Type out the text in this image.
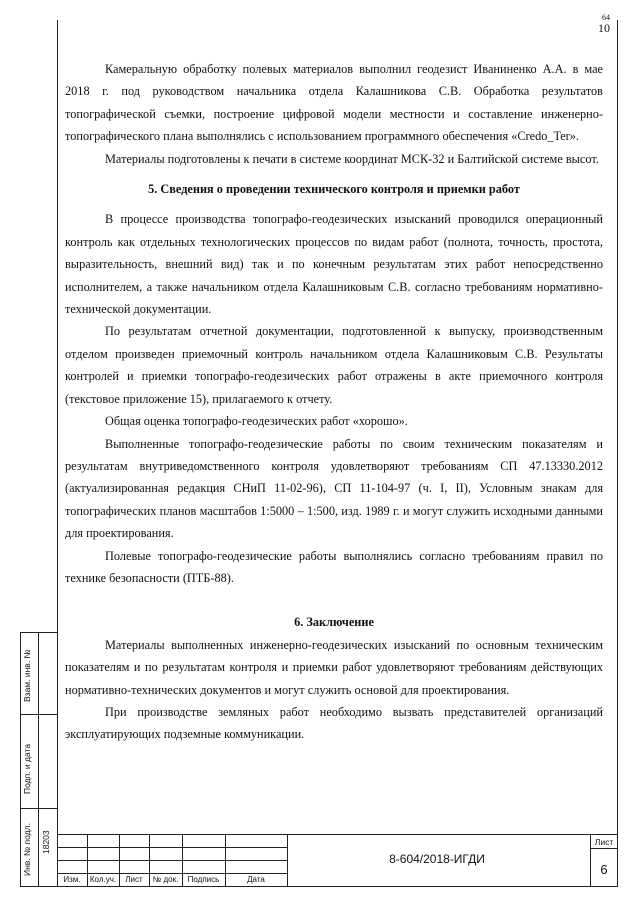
64
10

Камеральную обработку полевых материалов выполнил геодезист Иваниненко А.А. в мае 2018 г. под руководством начальника отдела Калашникова С.В. Обработка результатов топографической съемки, построение цифровой модели местности и составление инженерно-топографического плана выполнялись с использованием программного обеспечения «Credo_Ter».

Материалы подготовлены к печати в системе координат МСК-32 и Балтийской системе высот.

5. Сведения о проведении технического контроля и приемки работ

В процессе производства топографо-геодезических изысканий проводился операционный контроль как отдельных технологических процессов по видам работ (полнота, точность, простота, выразительность, внешний вид) так и по конечным результатам этих работ непосредственно исполнителем, а также начальником отдела Калашниковым С.В. согласно требованиям нормативно-технической документации.

По результатам отчетной документации, подготовленной к выпуску, производственным отделом произведен приемочный контроль начальником отдела Калашниковым С.В. Результаты контролей и приемки топографо-геодезических работ отражены в акте приемочного контроля (текстовое приложение 15), прилагаемого к отчету.

Общая оценка топографо-геодезических работ «хорошо».

Выполненные топографо-геодезические работы по своим техническим показателям и результатам внутриведомственного контроля удовлетворяют требованиям СП 47.13330.2012 (актуализированная редакция СНиП 11-02-96), СП 11-104-97 (ч. I, II), Условным знакам для топографических планов масштабов 1:5000 – 1:500, изд. 1989 г. и могут служить исходными данными для проектирования.

Полевые топографо-геодезические работы выполнялись согласно требованиям правил по технике безопасности (ПТБ-88).

6. Заключение

Материалы выполненных инженерно-геодезических изысканий по основным техническим показателям и по результатам контроля и приемки работ удовлетворяют требованиям действующих нормативно-технических документов и могут служить основой для проектирования.

При производстве земляных работ необходимо вызвать представителей организаций эксплуатирующих подземные коммуникации.

Взам. инв. №
Подп. и дата
Инв. № подл. 18203
Изм.	Кол.уч.	Лист	№ док.	Подпись	Дата
8-604/2018-ИГДИ
Лист
6
